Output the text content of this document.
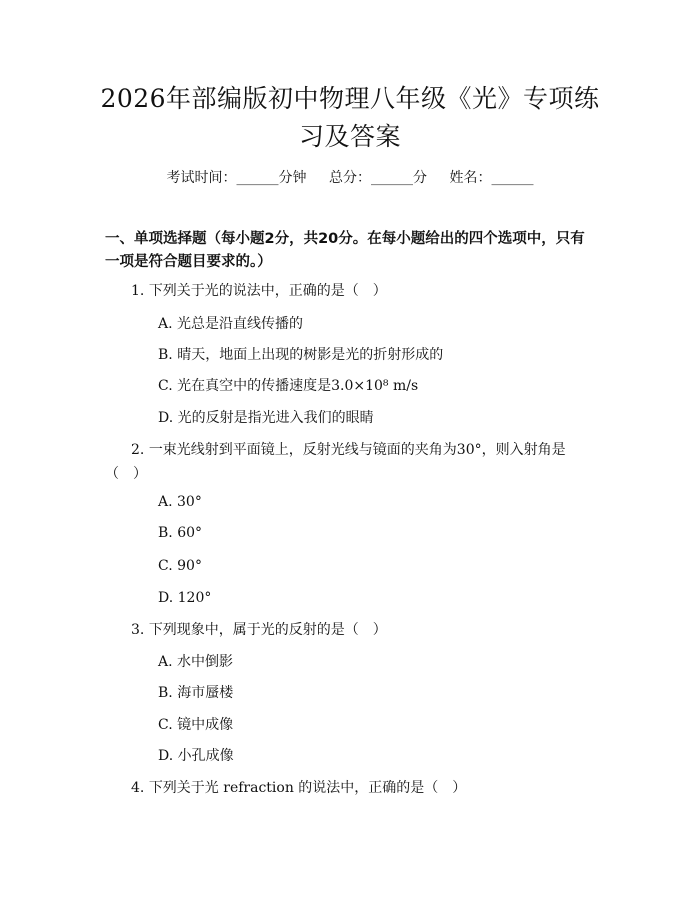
2026年部编版初中物理八年级《光》专项练习及答案
考试时间：______分钟 总分：______分 姓名：______
一、单项选择题（每小题2分，共20分。在每小题给出的四个选项中，只有一项是符合题目要求的。）
1. 下列关于光的说法中，正确的是（　）
A. 光总是沿直线传播的
B. 晴天，地面上出现的树影是光的折射形成的
C. 光在真空中的传播速度是3.0×10⁸ m/s
D. 光的反射是指光进入我们的眼睛
2. 一束光线射到平面镜上，反射光线与镜面的夹角为30°，则入射角是（　）
A. 30°
B. 60°
C. 90°
D. 120°
3. 下列现象中，属于光的反射的是（　）
A. 水中倒影
B. 海市蜃楼
C. 镜中成像
D. 小孔成像
4. 下列关于光 refraction 的说法中，正确的是（　）
